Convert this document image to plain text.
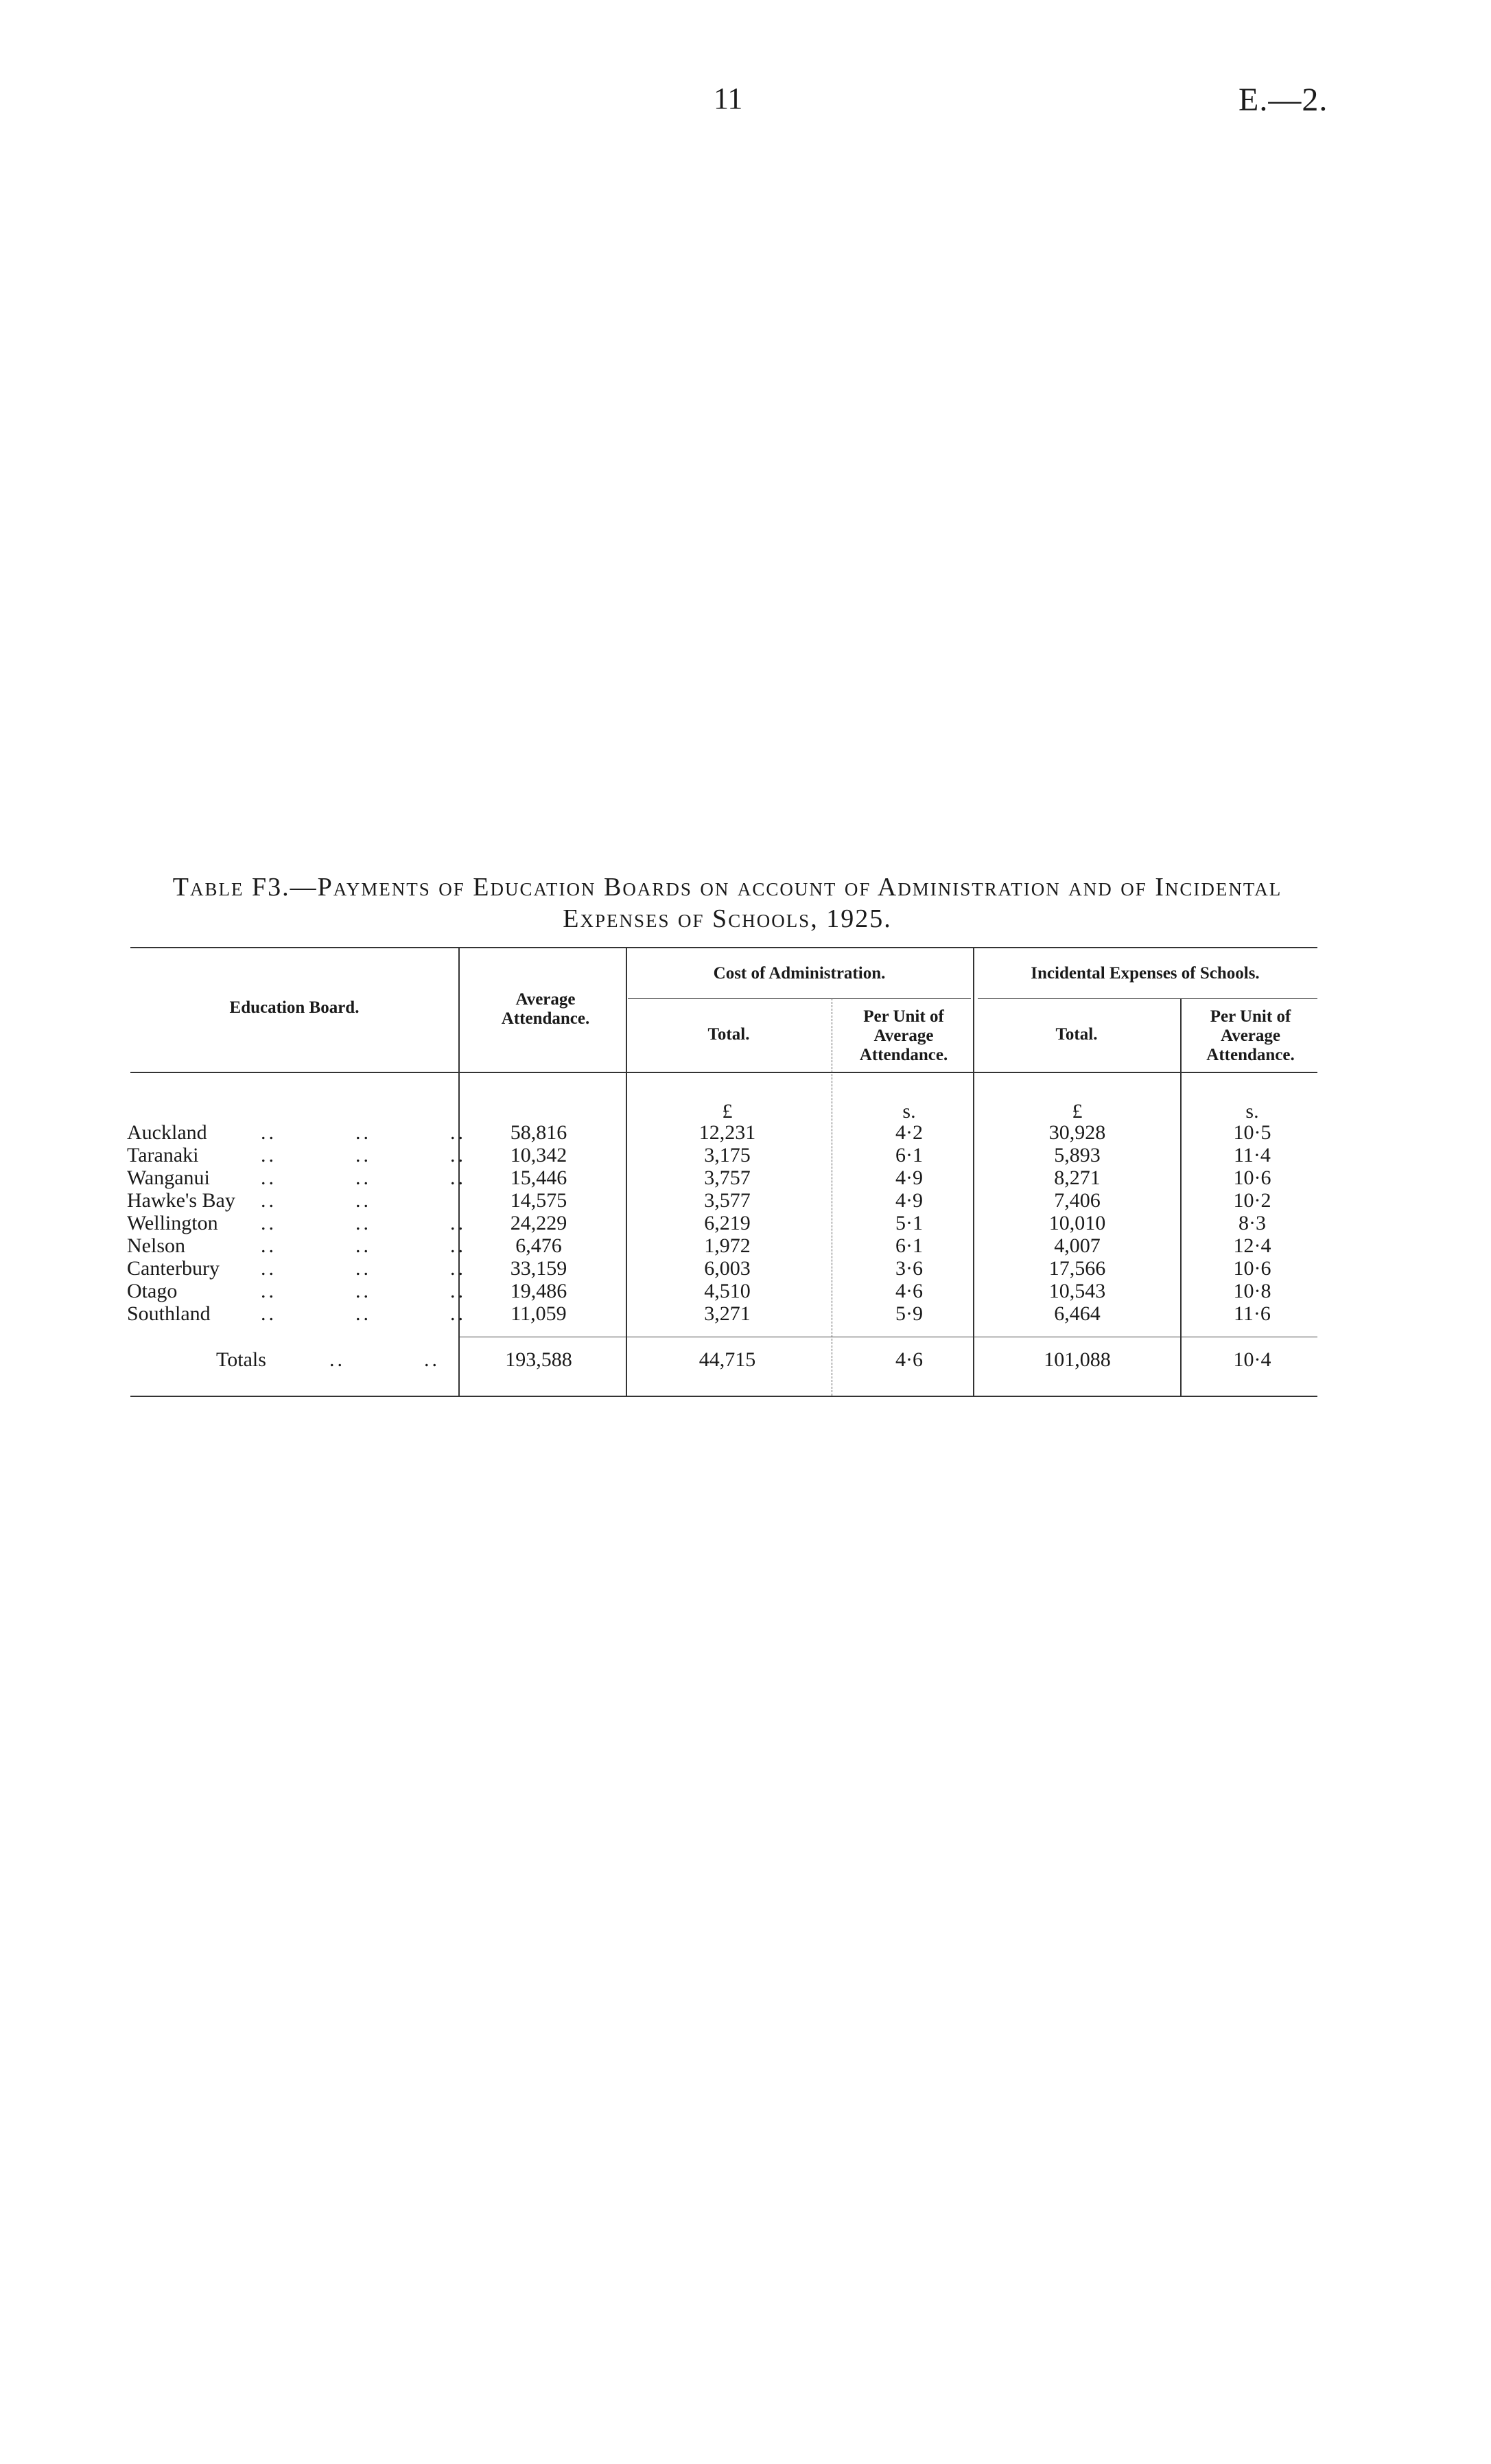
11	E.—2.
Table F3.—Payments of Education Boards on account of Administration and of Incidental
Expenses of Schools, 1925.
Education Board.	Average Attendance.
Cost of Administration.	Incidental Expenses of Schools.
Total.
Per Unit of Average Attendance.
Total.
Per Unit of Average Attendance.
£	s.	£	s.
Auckland	..          ..          ..	58,816	12,231	4·2	30,928	10·5
Taranaki	..          ..          ..	10,342	3,175	6·1	5,893	11·4
Wanganui ..          ..          ..	15,446	3,757	4·9	8,271	10·6
Hawke's Bay ..          ..	14,575	3,577	4·9	7,406	10·2
Wellington ..          ..          ..	24,229	6,219	5·1	10,010	8·3
Nelson	..          ..          ..	6,476	1,972	6·1	4,007	12·4
Canterbury ..          ..          ..	33,159	6,003	3·6	17,566	10·6
Otago	..          ..          ..	19,486	4,510	4·6	10,543	10·8
Southland ..          ..          ..	11,059	3,271	5·9	6,464	11·6
Totals	..          ..	193,588	44,715	4·6	101,088	10·4
